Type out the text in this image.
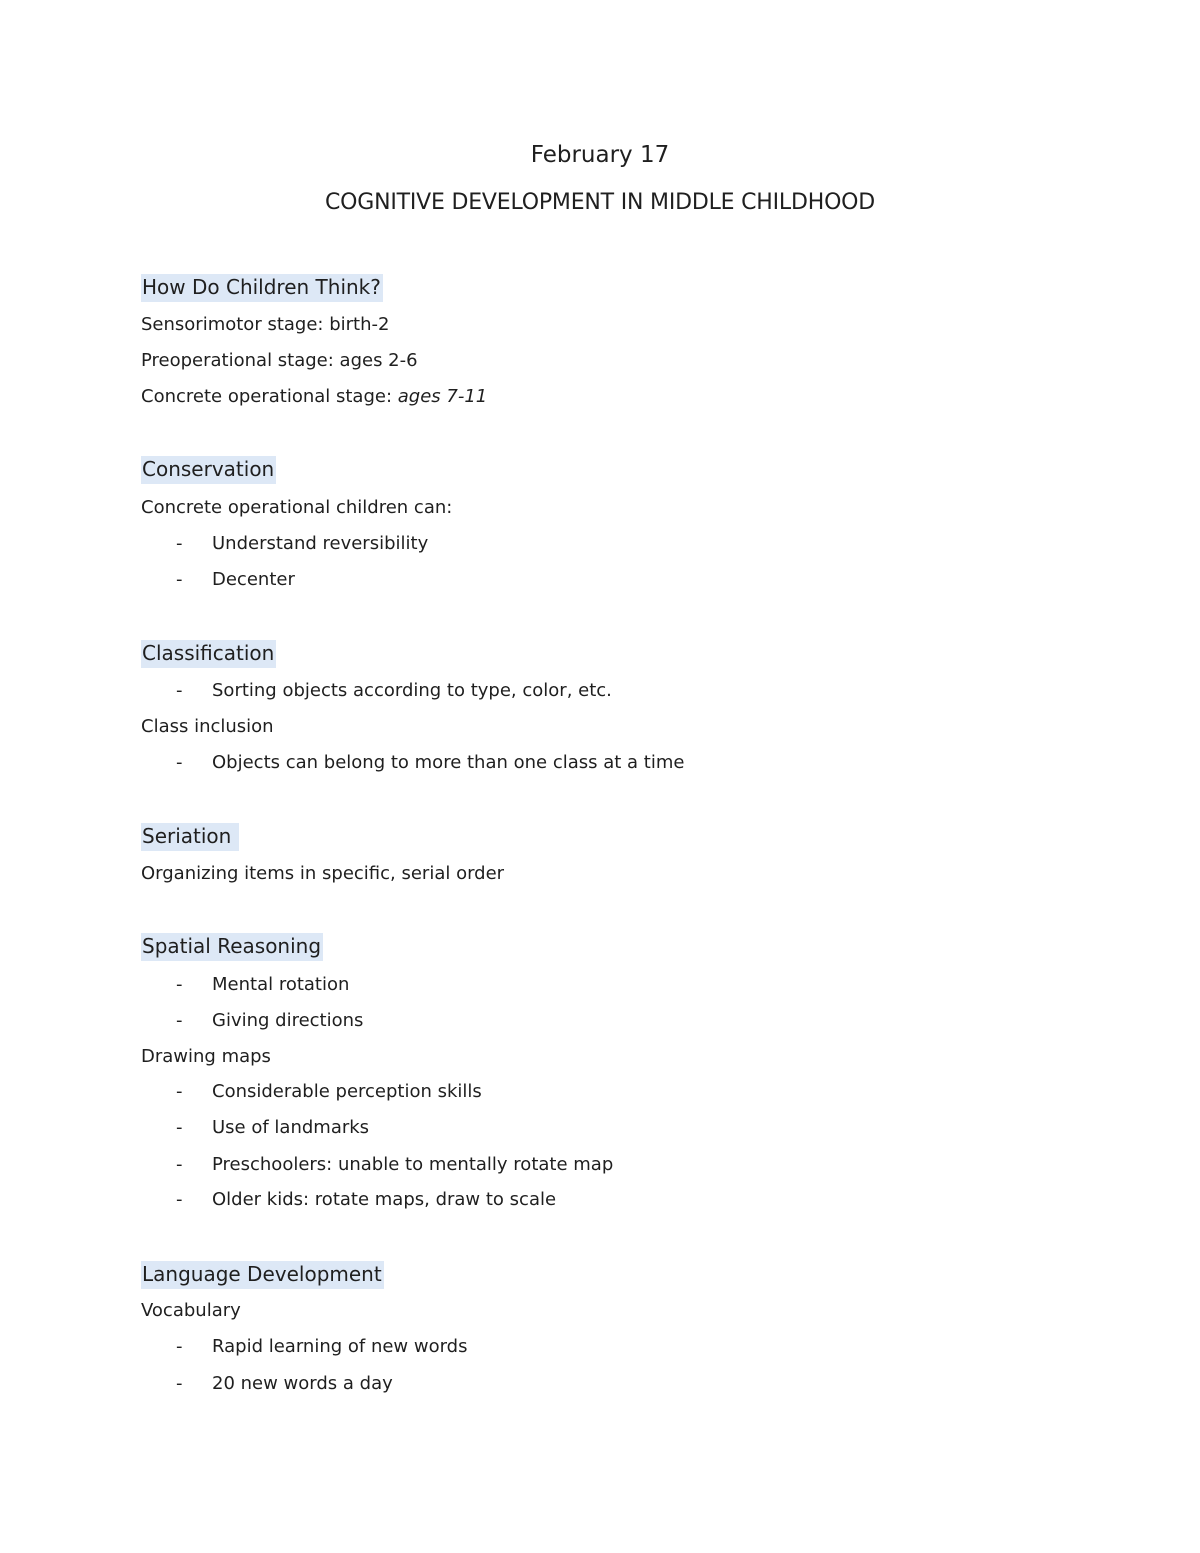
February 17
COGNITIVE DEVELOPMENT IN MIDDLE CHILDHOOD
How Do Children Think?
Sensorimotor stage: birth-2
Preoperational stage: ages 2-6
Concrete operational stage: ages 7-11
Conservation
Concrete operational children can:
- Understand reversibility
- Decenter
Classification
- Sorting objects according to type, color, etc.
Class inclusion
- Objects can belong to more than one class at a time
Seriation
Organizing items in specific, serial order
Spatial Reasoning
- Mental rotation
- Giving directions
Drawing maps
- Considerable perception skills
- Use of landmarks
- Preschoolers: unable to mentally rotate map
- Older kids: rotate maps, draw to scale
Language Development
Vocabulary
- Rapid learning of new words
- 20 new words a day
